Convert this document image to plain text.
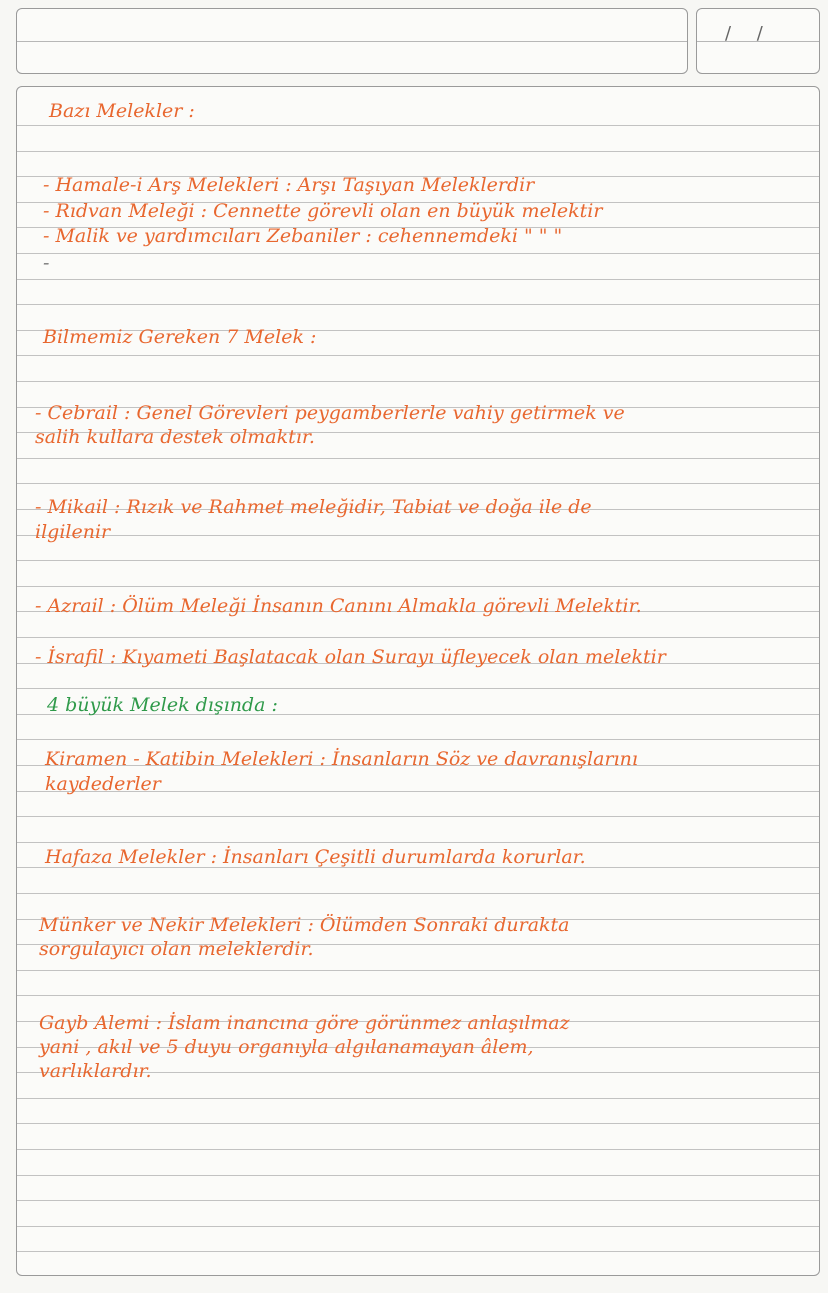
/ /
Bazı Melekler :
- Hamale-i Arş Melekleri : Arşı Taşıyan Meleklerdir
- Rıdvan Meleği : Cennette görevli olan en büyük melektir
- Malik ve yardımcıları Zebaniler : cehennemdeki " " "
-
Bilmemiz Gereken 7 Melek :
- Cebrail : Genel Görevleri peygamberlerle vahiy getirmek ve
salih kullara destek olmaktır.
- Mikail : Rızık ve Rahmet meleğidir, Tabiat ve doğa ile de
ilgilenir
- Azrail : Ölüm Meleği İnsanın Canını Almakla görevli Melektir.
- İsrafil : Kıyameti Başlatacak olan Surayı üfleyecek olan melektir
4 büyük Melek dışında :
Kiramen - Katibin Melekleri : İnsanların Söz ve davranışlarını
kaydederler
Hafaza Melekler : İnsanları Çeşitli durumlarda korurlar.
Münker ve Nekir Melekleri : Ölümden Sonraki durakta
sorgulayıcı olan meleklerdir.
Gayb Alemi : İslam inancına göre görünmez anlaşılmaz
yani , akıl ve 5 duyu organıyla algılanamayan âlem,
varlıklardır.
